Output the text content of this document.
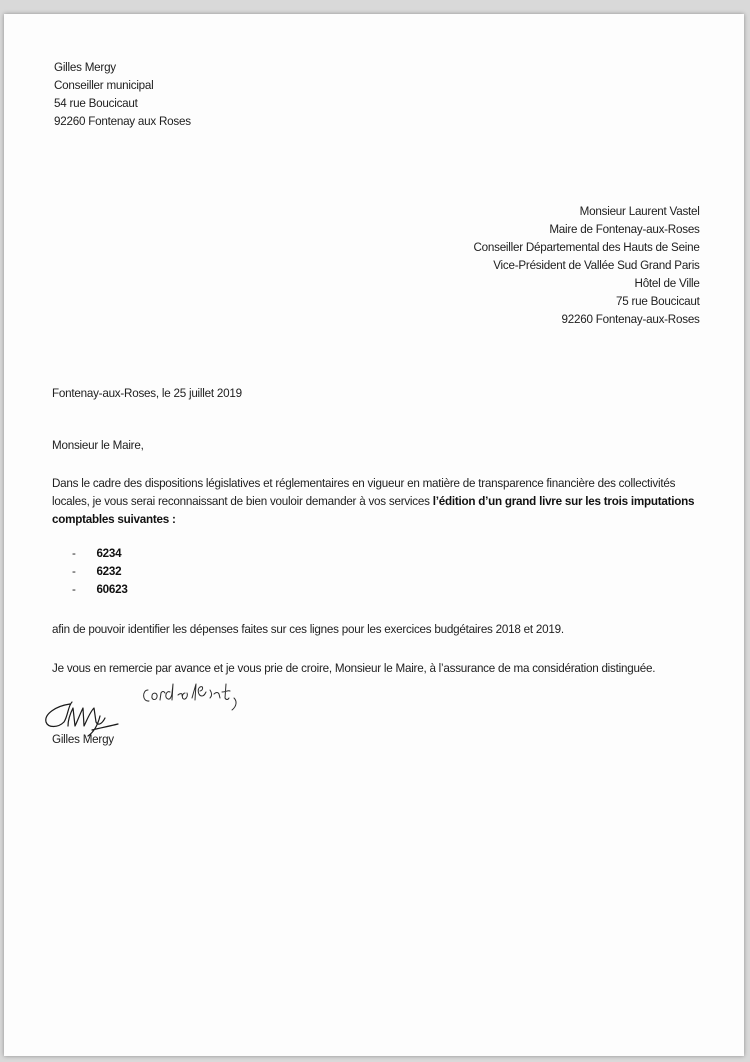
Gilles Mergy
Conseiller municipal
54 rue Boucicaut
92260 Fontenay aux Roses
Monsieur Laurent Vastel
Maire de Fontenay-aux-Roses
Conseiller Départemental des Hauts de Seine
Vice-Président de Vallée Sud Grand Paris
Hôtel de Ville
75 rue Boucicaut
92260 Fontenay-aux-Roses
Fontenay-aux-Roses, le 25 juillet 2019
Monsieur le Maire,
Dans le cadre des dispositions législatives et réglementaires en vigueur en matière de transparence financière des collectivités
locales, je vous serai reconnaissant de bien vouloir demander à vos services l’édition d’un grand livre sur les trois imputations
comptables suivantes :
- 6234
- 6232
- 60623
afin de pouvoir identifier les dépenses faites sur ces lignes pour les exercices budgétaires 2018 et 2019.
Je vous en remercie par avance et je vous prie de croire, Monsieur le Maire, à l’assurance de ma considération distinguée.
Gilles Mergy
